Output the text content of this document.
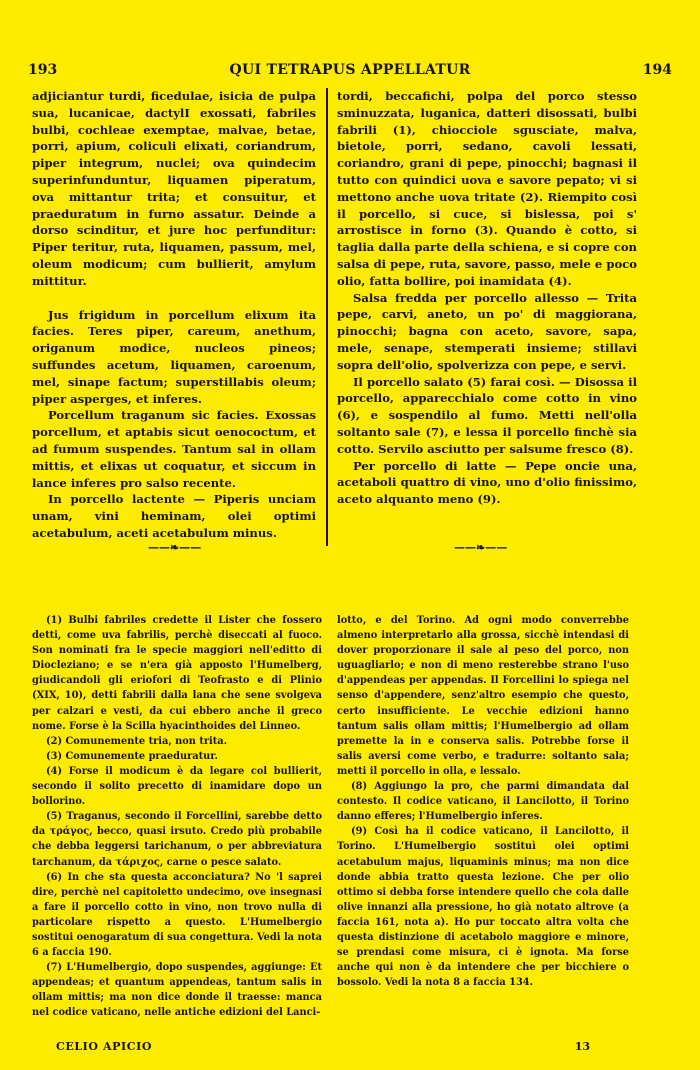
193	QUI TETRAPUS APPELLATUR	194

adjiciantur turdi, ficedulae, isicia de pulpa sua, lucanicae, dactylI exossati, fabriles bulbi, cochleae exemptae, malvae, betae, porri, apium, coliculi elixati, coriandrum, piper integrum, nuclei; ova quindecim superinfunduntur, liquamen piperatum, ova mittantur trita; et consuitur, et praeduratum in furno assatur. Deinde a dorso scinditur, et jure hoc perfunditur: Piper teritur, ruta, liquamen, passum, mel, oleum modicum; cum bullierit, amylum mittitur.

Jus frigidum in porcellum elixum ita facies. Teres piper, careum, anethum, origanum modice, nucleos pineos; suffundes acetum, liquamen, caroenum, mel, sinape factum; superstillabis oleum; piper asperges, et inferes.

Porcellum traganum sic facies. Exossas porcellum, et aptabis sicut oenococtum, et ad fumum suspendes. Tantum sal in ollam mittis, et elixas ut coquatur, et siccum in lance inferes pro salso recente.

In porcello lactente — Piperis unciam unam, vini heminam, olei optimi acetabulum, aceti acetabulum minus.

tordi, beccafichi, polpa del porco stesso sminuzzata, luganica, datteri disossati, bulbi fabrili (1), chiocciole sgusciate, malva, bietole, porri, sedano, cavoli lessati, coriandro, grani di pepe, pinocchi; bagnasi il tutto con quindici uova e savore pepato; vi si mettono anche uova tritate (2). Riempito così il porcello, si cuce, si bislessa, poi s' arrostisce in forno (3). Quando è cotto, si taglia dalla parte della schiena, e si copre con salsa di pepe, ruta, savore, passo, mele e poco olio, fatta bollire, poi inamidata (4).

Salsa fredda per porcello allesso — Trita pepe, carvi, aneto, un po' di maggiorana, pinocchi; bagna con aceto, savore, sapa, mele, senape, stemperati insieme; stillavi sopra dell'olio, spolverizza con pepe, e servi.

Il porcello salato (5) farai così. — Disossa il porcello, apparecchialo come cotto in vino (6), e sospendilo al fumo. Metti nell'olla soltanto sale (7), e lessa il porcello finchè sia cotto. Servilo asciutto per salsume fresco (8).

Per porcello di latte — Pepe oncie una, acetaboli quattro di vino, uno d'olio finissimo, aceto alquanto meno (9).

——❧——	——❧——

(1) Bulbi fabriles credette il Lister che fossero detti, come uva fabrilis, perchè diseccati al fuoco. Son nominati fra le specie maggiori nell'editto di Diocleziano; e se n'era già apposto l'Humelberg, giudicandoli gli eriofori di Teofrasto e di Plinio (XIX, 10), detti fabrili dalla lana che sene svolgeva per calzari e vesti, da cui ebbero anche il greco nome. Forse è la Scilla hyacinthoides del Linneo.

(2) Comunemente tria, non trita.

(3) Comunemente praeduratur.

(4) Forse il modicum è da legare col bullierit, secondo il solito precetto di inamidare dopo un bollorino.

(5) Traganus, secondo il Forcellini, sarebbe detto da τράγος, becco, quasi irsuto. Credo più probabile che debba leggersi tarichanum, o per abbreviatura tarchanum, da τάριχος, carne o pesce salato.

(6) In che sta questa acconciatura? No 'l saprei dire, perchè nel capitoletto undecimo, ove insegnasi a fare il porcello cotto in vino, non trovo nulla di particolare rispetto a questo. L'Humelbergio sostitui oenogaratum di sua congettura. Vedi la nota 6 a faccia 190.

(7) L'Humelbergio, dopo suspendes, aggiunge: Et appendeas; et quantum appendeas, tantum salis in ollam mittis; ma non dice donde il traesse: manca nel codice vaticano, nelle antiche edizioni del Lanci-

lotto, e del Torino. Ad ogni modo converrebbe almeno interpretarlo alla grossa, sicchè intendasi di dover proporzionare il sale al peso del porco, non uguagliarlo; e non di meno resterebbe strano l'uso d'appendeas per appendas. Il Forcellini lo spiega nel senso d'appendere, senz'altro esempio che questo, certo insufficiente. Le vecchie edizioni hanno tantum salis ollam mittis; l'Humelbergio ad ollam premette la in e conserva salis. Potrebbe forse il salis aversi come verbo, e tradurre: soltanto sala; metti il porcello in olla, e lessalo.

(8) Aggiungo la pro, che parmi dimandata dal contesto. Il codice vaticano, il Lancilotto, il Torino danno efferes; l'Humelbergio inferes.

(9) Così ha il codice vaticano, il Lancilotto, il Torino. L'Humelbergio sostituì olei optimi acetabulum majus, liquaminis minus; ma non dice donde abbia tratto questa lezione. Che per olio ottimo si debba forse intendere quello che cola dalle olive innanzi alla pressione, ho già notato altrove (a faccia 161, nota a). Ho pur toccato altra volta che questa distinzione di acetabolo maggiore e minore, se prendasi come misura, ci è ignota. Ma forse anche qui non è da intendere che per bicchiere o bossolo. Vedi la nota 8 a faccia 134.

CELIO APICIO	13
